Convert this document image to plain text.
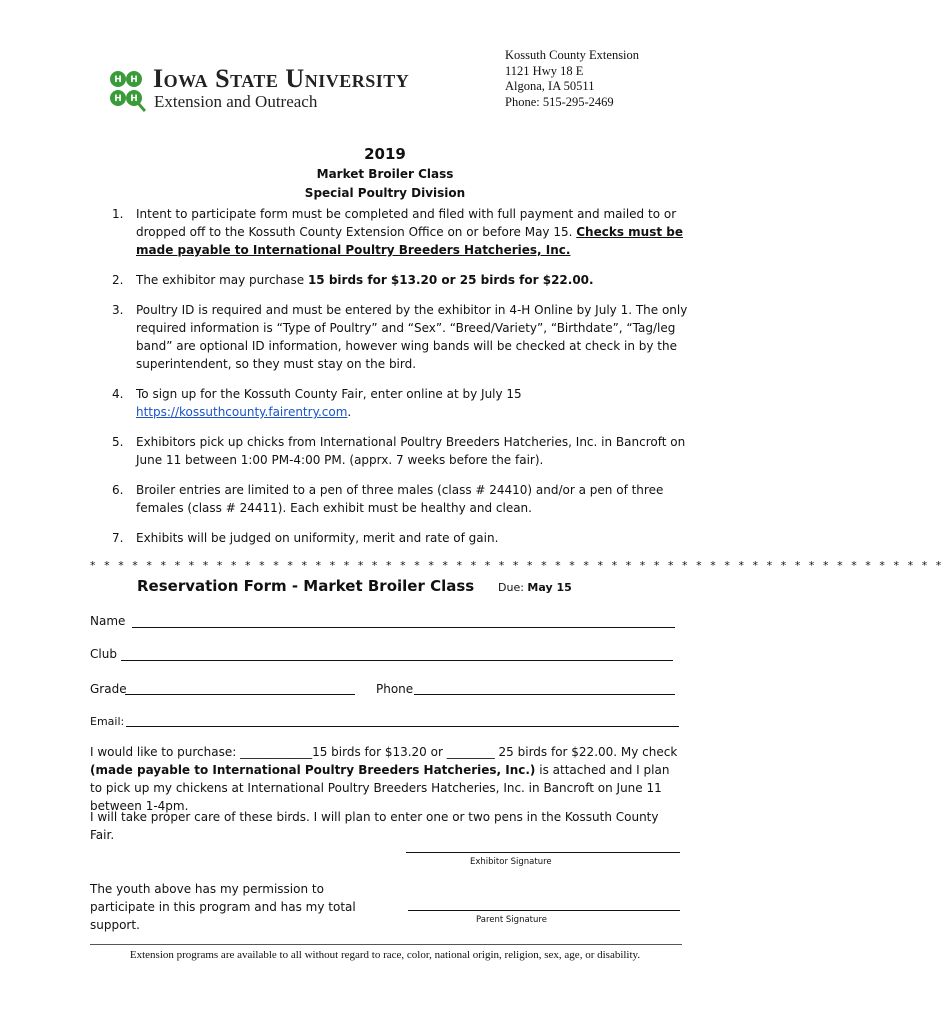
Kossuth County Extension
1121 Hwy 18 E
Algona, IA 50511
Phone: 515-295-2469
H H
H H
Iowa State University
Extension and Outreach
2019
Market Broiler Class
Special Poultry Division
1.	Intent to participate form must be completed and filed with full payment and mailed to or dropped off to the Kossuth County Extension Office on or before May 15. Checks must be made payable to International Poultry Breeders Hatcheries, Inc.
2.	The exhibitor may purchase 15 birds for $13.20 or 25 birds for $22.00.
3.	Poultry ID is required and must be entered by the exhibitor in 4-H Online by July 1. The only required information is “Type of Poultry” and “Sex”. “Breed/Variety”, “Birthdate”, “Tag/leg band” are optional ID information, however wing bands will be checked at check in by the superintendent, so they must stay on the bird.
4.	To sign up for the Kossuth County Fair, enter online at by July 15 https://kossuthcounty.fairentry.com.
5.	Exhibitors pick up chicks from International Poultry Breeders Hatcheries, Inc. in Bancroft on June 11 between 1:00 PM-4:00 PM. (apprx. 7 weeks before the fair).
6.	Broiler entries are limited to a pen of three males (class # 24410) and/or a pen of three females (class # 24411). Each exhibit must be healthy and clean.
7.	Exhibits will be judged on uniformity, merit and rate of gain.
* * * * * * * * * * * * * * * * * * * * * * * * * * * * * * * * * * * * * * * * * * * * * * * * * * * * * * * * * * * * *
Reservation Form - Market Broiler Class Due: May 15
Name
Club
Grade	Phone
Email:
I would like to purchase: ____________15 birds for $13.20 or ________ 25 birds for $22.00. My check (made payable to International Poultry Breeders Hatcheries, Inc.) is attached and I plan to pick up my chickens at International Poultry Breeders Hatcheries, Inc. in Bancroft on June 11 between 1-4pm.
I will take proper care of these birds. I will plan to enter one or two pens in the Kossuth County Fair.
Exhibitor Signature
The youth above has my permission to participate in this program and has my total support.	Parent Signature
Extension programs are available to all without regard to race, color, national origin, religion, sex, age, or disability.
